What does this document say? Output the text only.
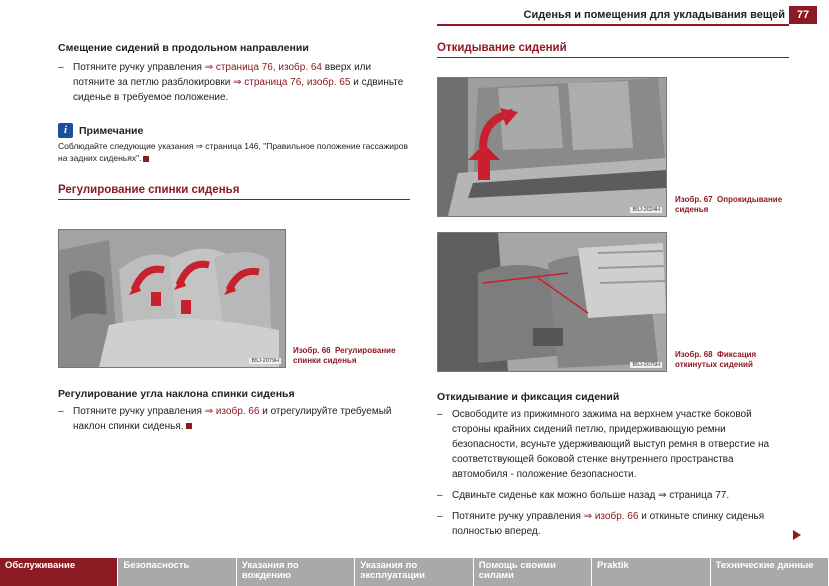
Сиденья и помещения для укладывания вещей	77
Смещение сидений в продольном направлении
– Потяните ручку управления ⇒ страница 76, изобр. 64 вверх или потяните за петлю разблокировки ⇒ страница 76, изобр. 65 и сдвиньте сиденье в требуемое положение.
i	Примечание
Соблюдайте следующие указания ⇒ страница 146, "Правильное положение гассажиров на задних сиденьях".
Регулирование спинки сиденья
B5J-2079H
Изобр. 66 Регулирование спинки сиденья
Регулирование угла наклона спинки сиденья
– Потяните ручку управления ⇒ изобр. 66 и отрегулируйте требуемый наклон спинки сиденья.
Откидывание сидений
B5J-2024H
Изобр. 67 Опрокидывание сиденья
B5J-2075H
Изобр. 68 Фиксация откинутых сидений
Откидывание и фиксация сидений
– Освободите из прижимного зажима на верхнем участке боковой стороны крайних сидений петлю, придерживающую ремни безопасности, всуньте удерживающий выступ ремня в отверстие на соответствующей боковой стенке внутреннего пространства автомобиля - положение безопасности.
– Сдвиньте сиденье как можно больше назад ⇒ страница 77.
– Потяните ручку управления ⇒ изобр. 66 и откиньте спинку сиденья полностью вперед.
Обслуживание	Безопасность	Указания по вождению
Указания по эксплуатации
Помощь своими силами
Praktik	Технические данные
